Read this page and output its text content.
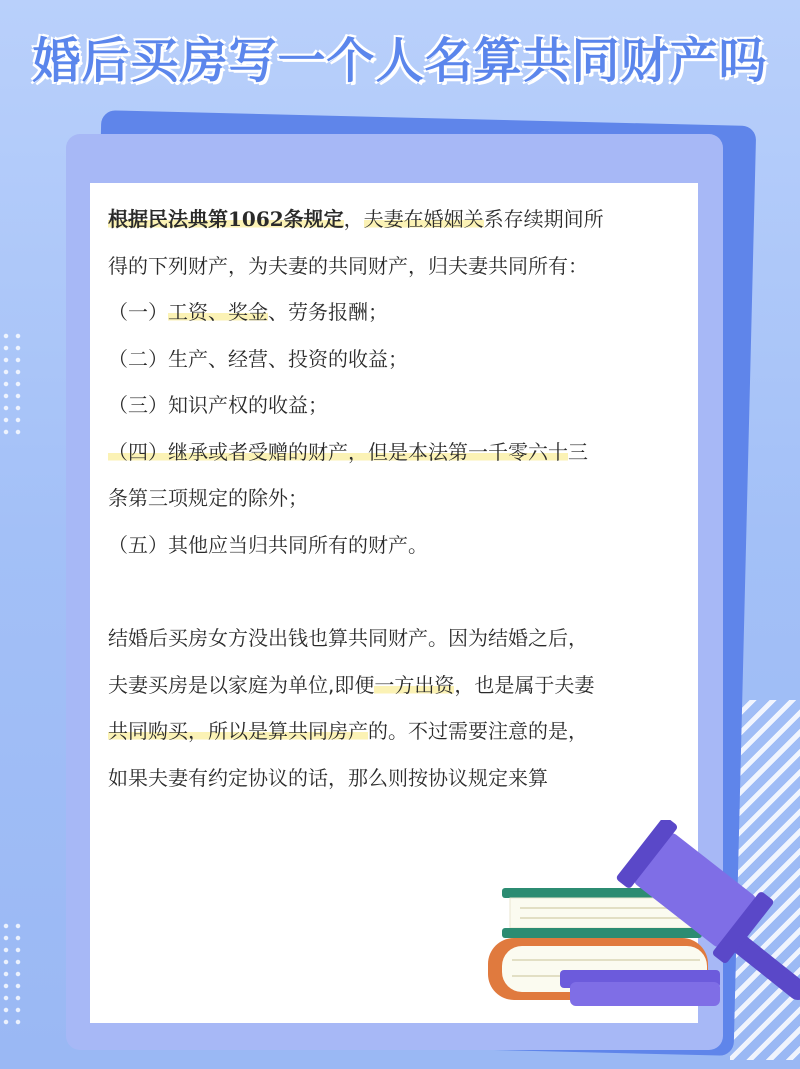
婚后买房写一个人名算共同财产吗

根据民法典第1062条规定，夫妻在婚姻关系存续期间所

得的下列财产，为夫妻的共同财产，归夫妻共同所有：

（一）工资、奖金、劳务报酬；

（二）生产、经营、投资的收益；

（三）知识产权的收益；

（四）继承或者受赠的财产，但是本法第一千零六十三

条第三项规定的除外；

（五）其他应当归共同所有的财产。

结婚后买房女方没出钱也算共同财产。因为结婚之后，

夫妻买房是以家庭为单位,即便一方出资，也是属于夫妻

共同购买，所以是算共同房产的。不过需要注意的是，

如果夫妻有约定协议的话，那么则按协议规定来算
